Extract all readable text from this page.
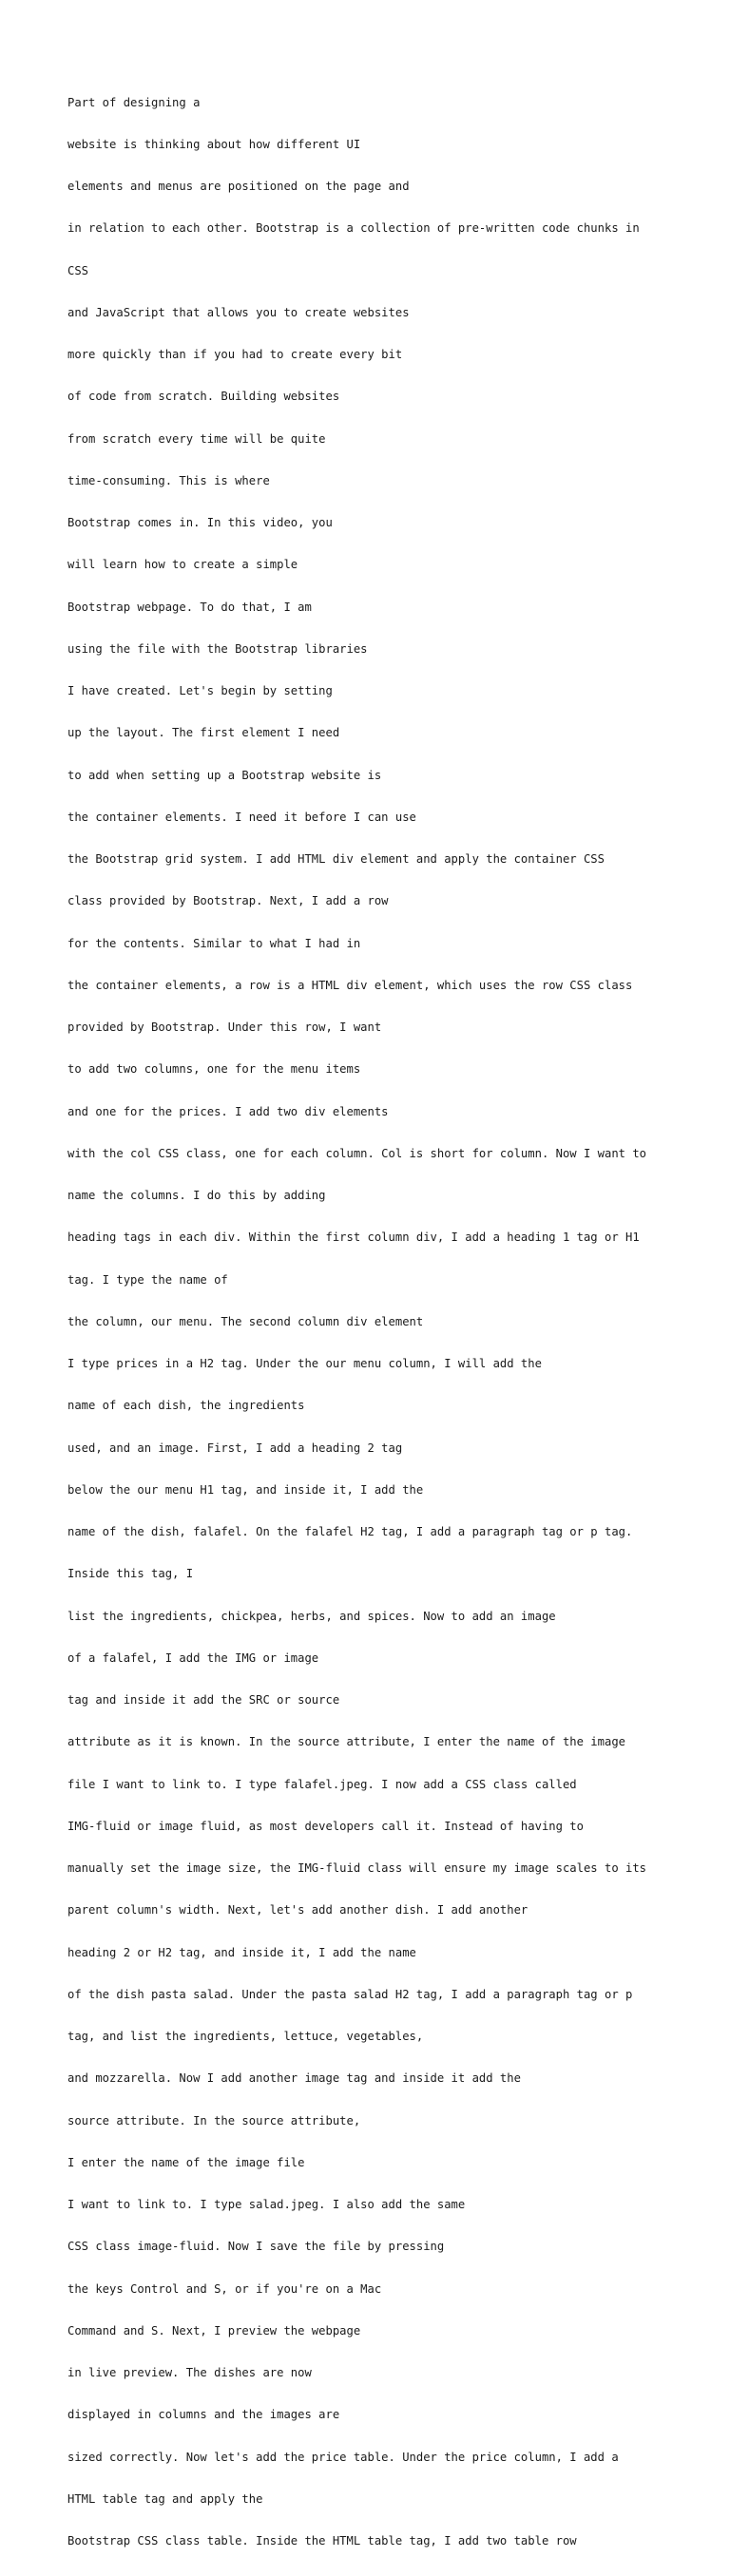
Part of designing a

website is thinking about how different UI

elements and menus are positioned on the page and

in relation to each other. Bootstrap is a collection of pre-written code chunks in

CSS

and JavaScript that allows you to create websites

more quickly than if you had to create every bit

of code from scratch. Building websites

from scratch every time will be quite

time-consuming. This is where

Bootstrap comes in. In this video, you

will learn how to create a simple

Bootstrap webpage. To do that, I am

using the file with the Bootstrap libraries

I have created. Let's begin by setting

up the layout. The first element I need

to add when setting up a Bootstrap website is

the container elements. I need it before I can use

the Bootstrap grid system. I add HTML div element and apply the container CSS

class provided by Bootstrap. Next, I add a row

for the contents. Similar to what I had in

the container elements, a row is a HTML div element, which uses the row CSS class

provided by Bootstrap. Under this row, I want

to add two columns, one for the menu items

and one for the prices. I add two div elements

with the col CSS class, one for each column. Col is short for column. Now I want to

name the columns. I do this by adding

heading tags in each div. Within the first column div, I add a heading 1 tag or H1

tag. I type the name of

the column, our menu. The second column div element

I type prices in a H2 tag. Under the our menu column, I will add the

name of each dish, the ingredients

used, and an image. First, I add a heading 2 tag

below the our menu H1 tag, and inside it, I add the

name of the dish, falafel. On the falafel H2 tag, I add a paragraph tag or p tag.

Inside this tag, I

list the ingredients, chickpea, herbs, and spices. Now to add an image

of a falafel, I add the IMG or image

tag and inside it add the SRC or source

attribute as it is known. In the source attribute, I enter the name of the image

file I want to link to. I type falafel.jpeg. I now add a CSS class called

IMG-fluid or image fluid, as most developers call it. Instead of having to

manually set the image size, the IMG-fluid class will ensure my image scales to its

parent column's width. Next, let's add another dish. I add another

heading 2 or H2 tag, and inside it, I add the name

of the dish pasta salad. Under the pasta salad H2 tag, I add a paragraph tag or p

tag, and list the ingredients, lettuce, vegetables,

and mozzarella. Now I add another image tag and inside it add the

source attribute. In the source attribute,

I enter the name of the image file

I want to link to. I type salad.jpeg. I also add the same

CSS class image-fluid. Now I save the file by pressing

the keys Control and S, or if you're on a Mac

Command and S. Next, I preview the webpage

in live preview. The dishes are now

displayed in columns and the images are

sized correctly. Now let's add the price table. Under the price column, I add a

HTML table tag and apply the

Bootstrap CSS class table. Inside the HTML table tag, I add two table row
